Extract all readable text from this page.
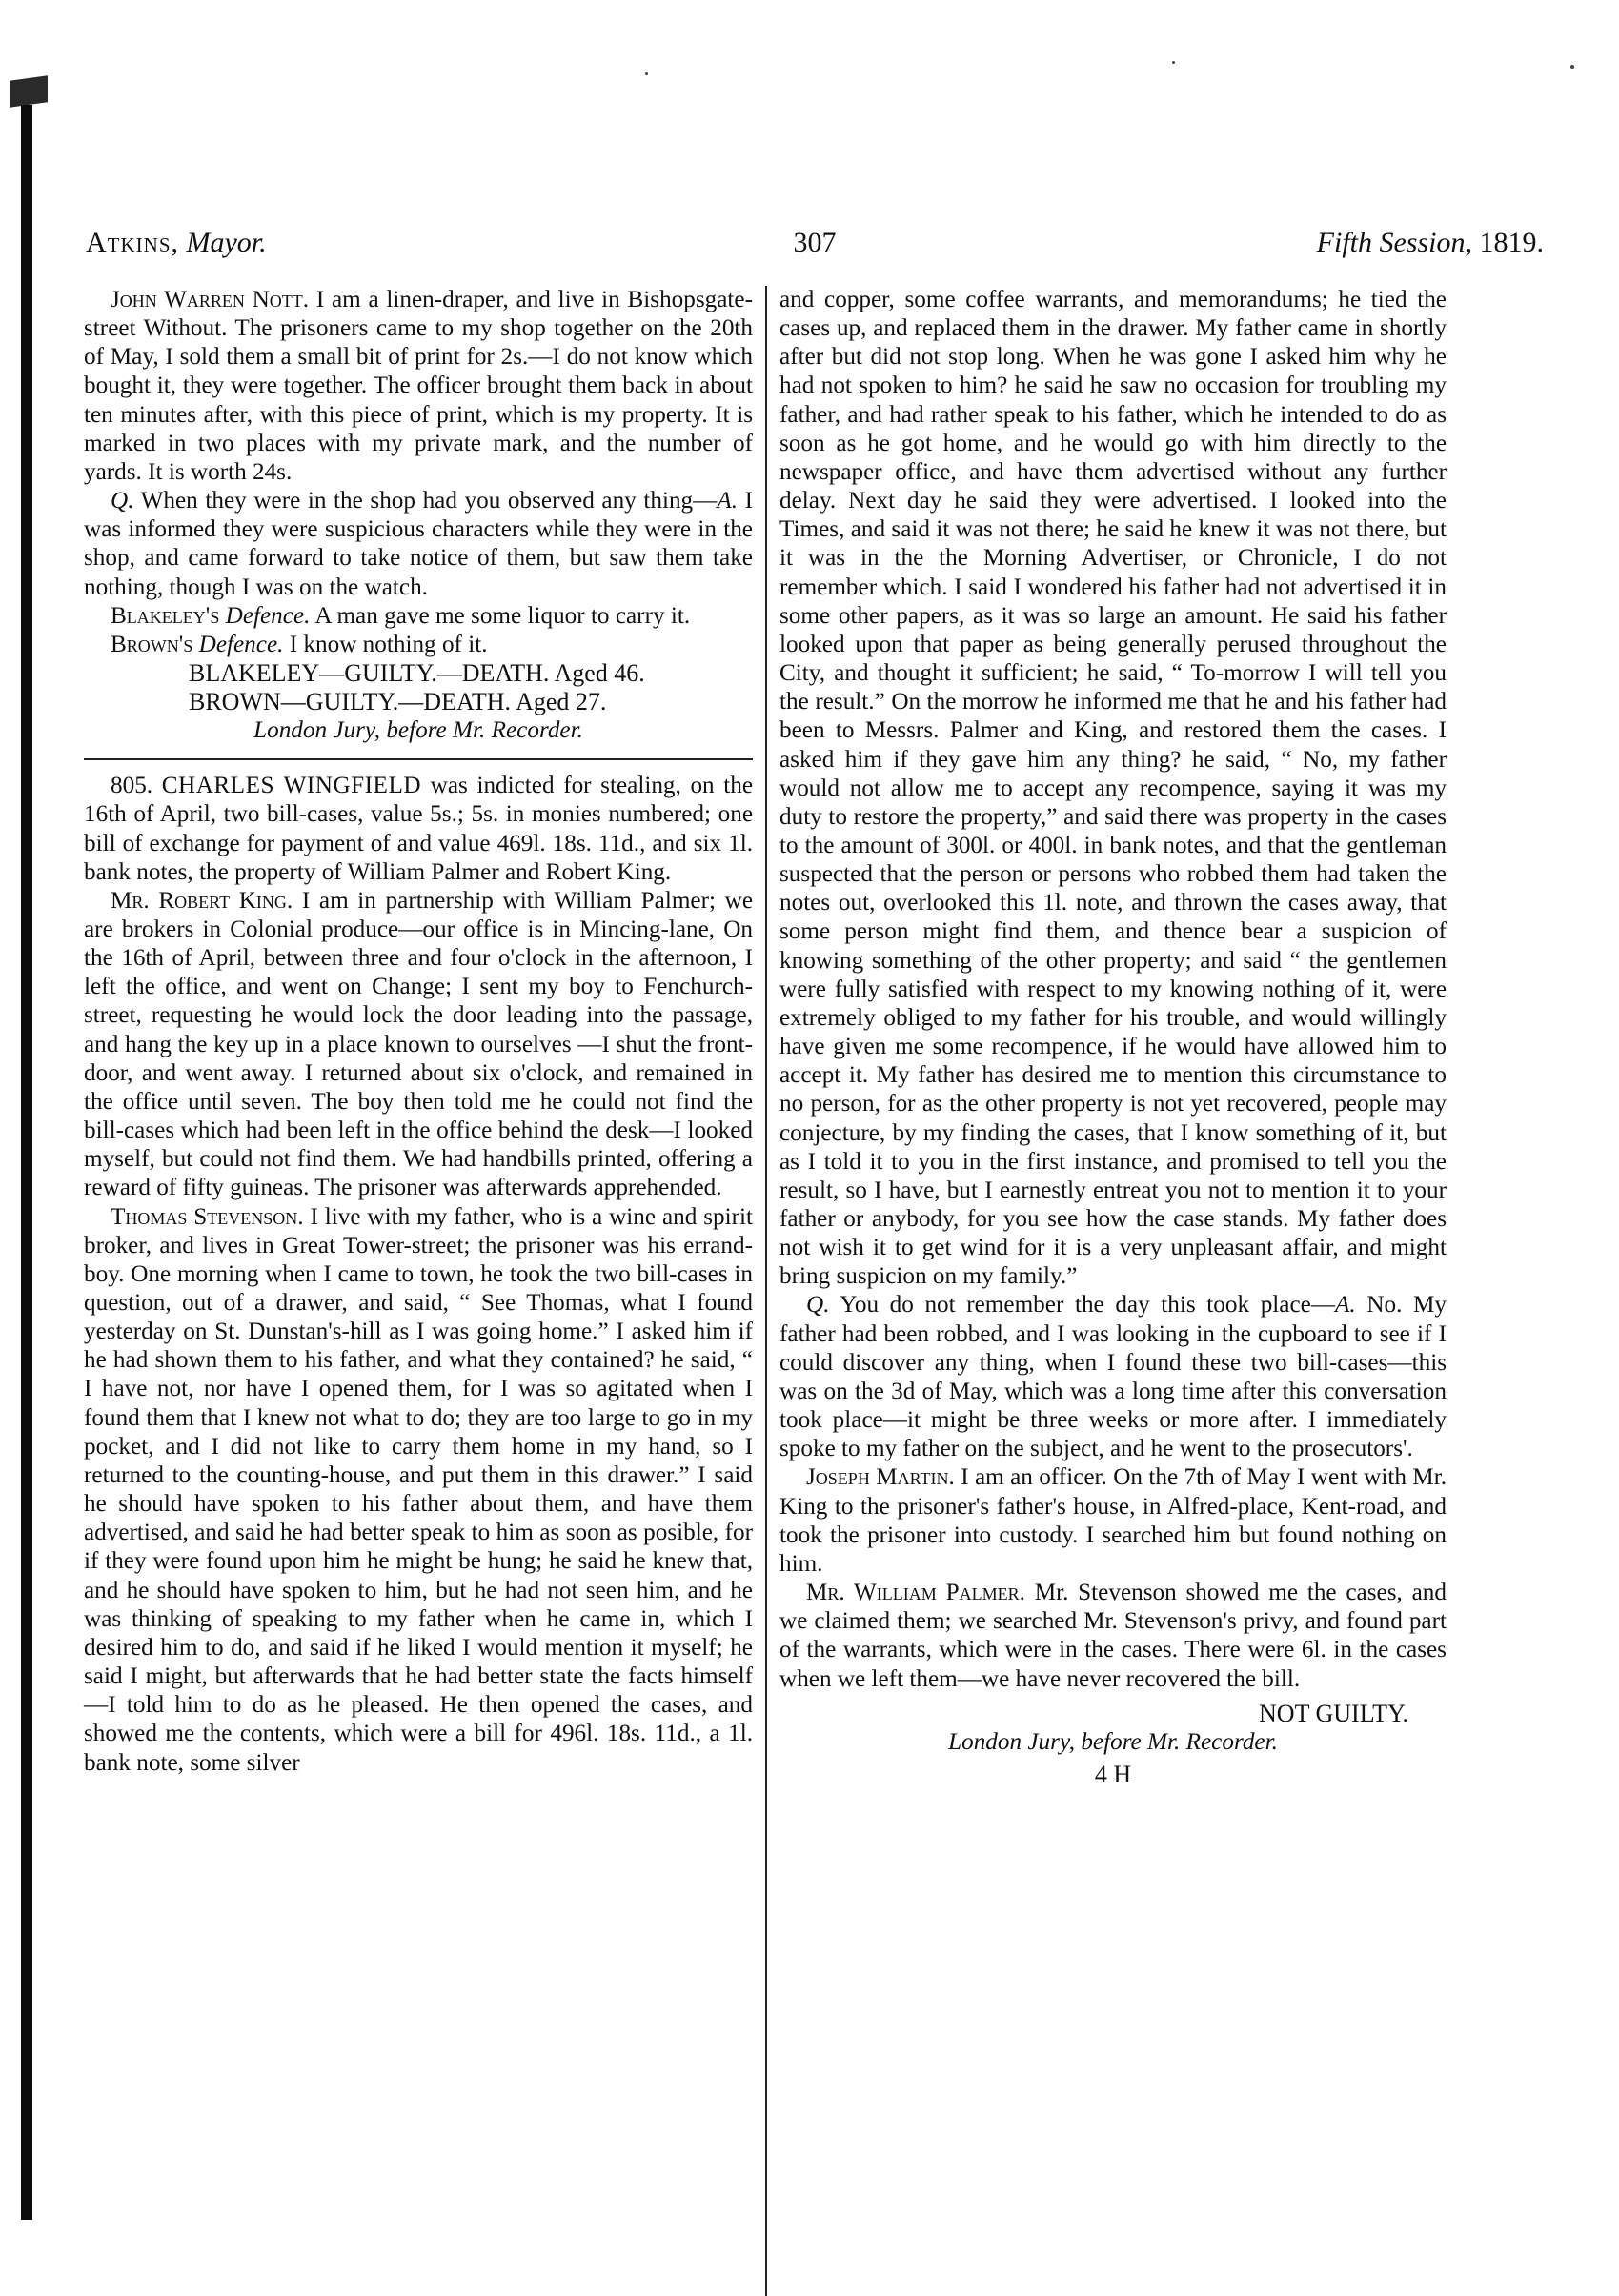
Atkins, Mayor.	307	Fifth Session, 1819.

John Warren Nott. I am a linen-draper, and live in Bishopsgate-street Without. The prisoners came to my shop together on the 20th of May, I sold them a small bit of print for 2s.—I do not know which bought it, they were together. The officer brought them back in about ten minutes after, with this piece of print, which is my property. It is marked in two places with my private mark, and the number of yards. It is worth 24s.

Q. When they were in the shop had you observed any thing—A. I was informed they were suspicious characters while they were in the shop, and came forward to take notice of them, but saw them take nothing, though I was on the watch.

Blakeley's Defence. A man gave me some liquor to carry it.

Brown's Defence. I know nothing of it.

BLAKELEY—GUILTY.—DEATH. Aged 46.

BROWN—GUILTY.—DEATH. Aged 27.

London Jury, before Mr. Recorder.

805. CHARLES WINGFIELD was indicted for stealing, on the 16th of April, two bill-cases, value 5s.; 5s. in monies numbered; one bill of exchange for payment of and value 469l. 18s. 11d., and six 1l. bank notes, the property of William Palmer and Robert King.

Mr. Robert King. I am in partnership with William Palmer; we are brokers in Colonial produce—our office is in Mincing-lane, On the 16th of April, between three and four o'clock in the afternoon, I left the office, and went on Change; I sent my boy to Fenchurch-street, requesting he would lock the door leading into the passage, and hang the key up in a place known to ourselves —I shut the front-door, and went away. I returned about six o'clock, and remained in the office until seven. The boy then told me he could not find the bill-cases which had been left in the office behind the desk—I looked myself, but could not find them. We had handbills printed, offering a reward of fifty guineas. The prisoner was afterwards apprehended.

Thomas Stevenson. I live with my father, who is a wine and spirit broker, and lives in Great Tower-street; the prisoner was his errand-boy. One morning when I came to town, he took the two bill-cases in question, out of a drawer, and said, “ See Thomas, what I found yesterday on St. Dunstan's-hill as I was going home.” I asked him if he had shown them to his father, and what they contained? he said, “ I have not, nor have I opened them, for I was so agitated when I found them that I knew not what to do; they are too large to go in my pocket, and I did not like to carry them home in my hand, so I returned to the counting-house, and put them in this drawer.” I said he should have spoken to his father about them, and have them advertised, and said he had better speak to him as soon as posible, for if they were found upon him he might be hung; he said he knew that, and he should have spoken to him, but he had not seen him, and he was thinking of speaking to my father when he came in, which I desired him to do, and said if he liked I would mention it myself; he said I might, but afterwards that he had better state the facts himself—I told him to do as he pleased. He then opened the cases, and showed me the contents, which were a bill for 496l. 18s. 11d., a 1l. bank note, some silver

and copper, some coffee warrants, and memorandums; he tied the cases up, and replaced them in the drawer. My father came in shortly after but did not stop long. When he was gone I asked him why he had not spoken to him? he said he saw no occasion for troubling my father, and had rather speak to his father, which he intended to do as soon as he got home, and he would go with him directly to the newspaper office, and have them advertised without any further delay. Next day he said they were advertised. I looked into the Times, and said it was not there; he said he knew it was not there, but it was in the the Morning Advertiser, or Chronicle, I do not remember which. I said I wondered his father had not advertised it in some other papers, as it was so large an amount. He said his father looked upon that paper as being generally perused throughout the City, and thought it sufficient; he said, “ To-morrow I will tell you the result.” On the morrow he informed me that he and his father had been to Messrs. Palmer and King, and restored them the cases. I asked him if they gave him any thing? he said, “ No, my father would not allow me to accept any recompence, saying it was my duty to restore the property,” and said there was property in the cases to the amount of 300l. or 400l. in bank notes, and that the gentleman suspected that the person or persons who robbed them had taken the notes out, overlooked this 1l. note, and thrown the cases away, that some person might find them, and thence bear a suspicion of knowing something of the other property; and said “ the gentlemen were fully satisfied with respect to my knowing nothing of it, were extremely obliged to my father for his trouble, and would willingly have given me some recompence, if he would have allowed him to accept it. My father has desired me to mention this circumstance to no person, for as the other property is not yet recovered, people may conjecture, by my finding the cases, that I know something of it, but as I told it to you in the first instance, and promised to tell you the result, so I have, but I earnestly entreat you not to mention it to your father or anybody, for you see how the case stands. My father does not wish it to get wind for it is a very unpleasant affair, and might bring suspicion on my family.”

Q. You do not remember the day this took place—A. No. My father had been robbed, and I was looking in the cupboard to see if I could discover any thing, when I found these two bill-cases—this was on the 3d of May, which was a long time after this conversation took place—it might be three weeks or more after. I immediately spoke to my father on the subject, and he went to the prosecutors'.

Joseph Martin. I am an officer. On the 7th of May I went with Mr. King to the prisoner's father's house, in Alfred-place, Kent-road, and took the prisoner into custody. I searched him but found nothing on him.

Mr. William Palmer. Mr. Stevenson showed me the cases, and we claimed them; we searched Mr. Stevenson's privy, and found part of the warrants, which were in the cases. There were 6l. in the cases when we left them—we have never recovered the bill.

NOT GUILTY.

London Jury, before Mr. Recorder.

4 H
